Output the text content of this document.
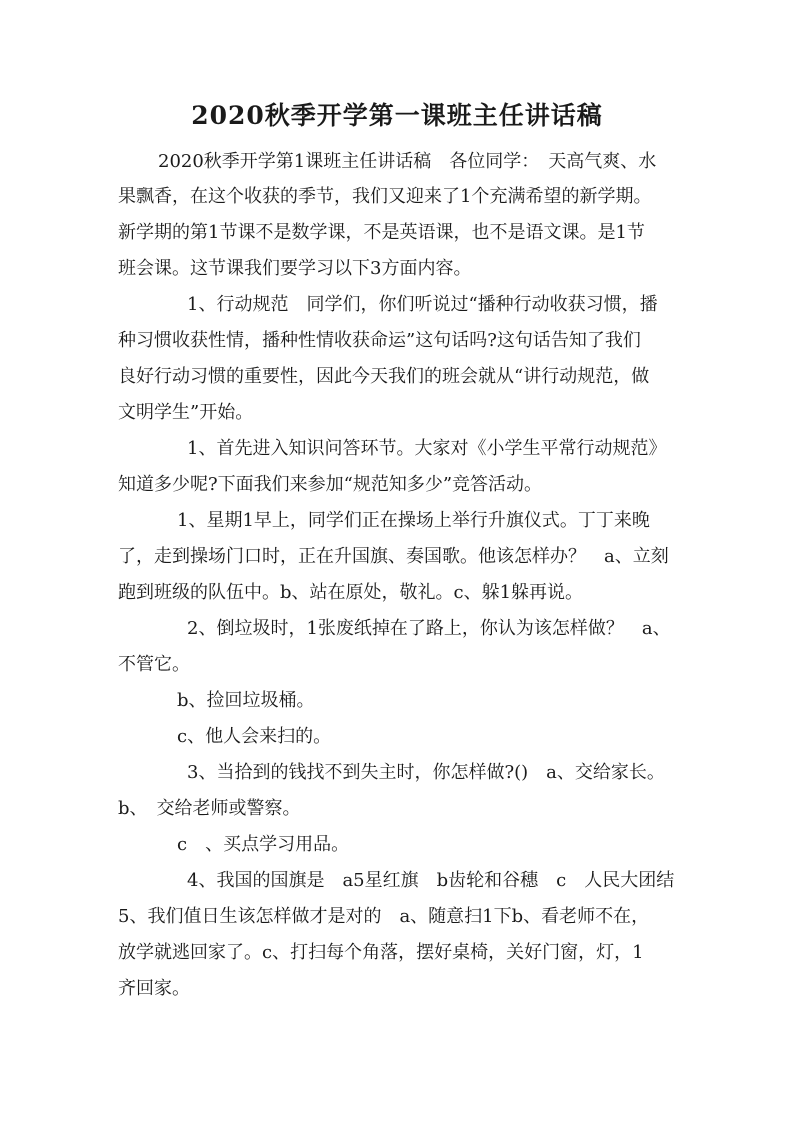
2020秋季开学第一课班主任讲话稿
2020秋季开学第1课班主任讲话稿　各位同学：　天高气爽、水
果飘香，在这个收获的季节，我们又迎来了1个充满希望的新学期。
新学期的第1节课不是数学课，不是英语课，也不是语文课。是1节
班会课。这节课我们要学习以下3方面内容。
1、行动规范　同学们，你们听说过“播种行动收获习惯，播
种习惯收获性情，播种性情收获命运”这句话吗?这句话告知了我们
良好行动习惯的重要性，因此今天我们的班会就从“讲行动规范，做
文明学生”开始。
1、首先进入知识问答环节。大家对《小学生平常行动规范》
知道多少呢?下面我们来参加“规范知多少”竞答活动。
1、星期1早上，同学们正在操场上举行升旗仪式。丁丁来晚
了，走到操场门口时，正在升国旗、奏国歌。他该怎样办？　a、立刻
跑到班级的队伍中。b、站在原处，敬礼。c、躲1躲再说。
2、倒垃圾时，1张废纸掉在了路上，你认为该怎样做？　a、
不管它。
b、捡回垃圾桶。
c、他人会来扫的。
3、当拾到的钱找不到失主时，你怎样做?()　a、交给家长。
b、　交给老师或警察。
c　、买点学习用品。
4、我国的国旗是　a5星红旗　b齿轮和谷穗　c　人民大团结
5、我们值日生该怎样做才是对的　a、随意扫1下b、看老师不在，
放学就逃回家了。c、打扫每个角落，摆好桌椅，关好门窗，灯，1
齐回家。
